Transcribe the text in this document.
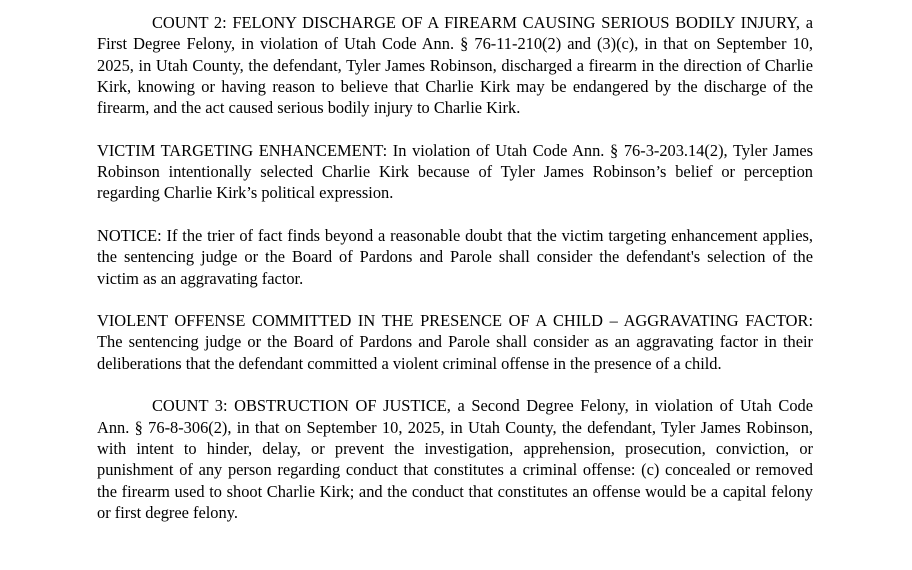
COUNT 2: FELONY DISCHARGE OF A FIREARM CAUSING SERIOUS BODILY INJURY, a First Degree Felony, in violation of Utah Code Ann. § 76-11-210(2) and (3)(c), in that on September 10, 2025, in Utah County, the defendant, Tyler James Robinson, discharged a firearm in the direction of Charlie Kirk, knowing or having reason to believe that Charlie Kirk may be endangered by the discharge of the firearm, and the act caused serious bodily injury to Charlie Kirk.

VICTIM TARGETING ENHANCEMENT: In violation of Utah Code Ann. § 76-3-203.14(2), Tyler James Robinson intentionally selected Charlie Kirk because of Tyler James Robinson’s belief or perception regarding Charlie Kirk’s political expression.

NOTICE: If the trier of fact finds beyond a reasonable doubt that the victim targeting enhancement applies, the sentencing judge or the Board of Pardons and Parole shall consider the defendant's selection of the victim as an aggravating factor.

VIOLENT OFFENSE COMMITTED IN THE PRESENCE OF A CHILD – AGGRAVATING FACTOR: The sentencing judge or the Board of Pardons and Parole shall consider as an aggravating factor in their deliberations that the defendant committed a violent criminal offense in the presence of a child.

COUNT 3: OBSTRUCTION OF JUSTICE, a Second Degree Felony, in violation of Utah Code Ann. § 76-8-306(2), in that on September 10, 2025, in Utah County, the defendant, Tyler James Robinson, with intent to hinder, delay, or prevent the investigation, apprehension, prosecution, conviction, or punishment of any person regarding conduct that constitutes a criminal offense: (c) concealed or removed the firearm used to shoot Charlie Kirk; and the conduct that constitutes an offense would be a capital felony or first degree felony.
